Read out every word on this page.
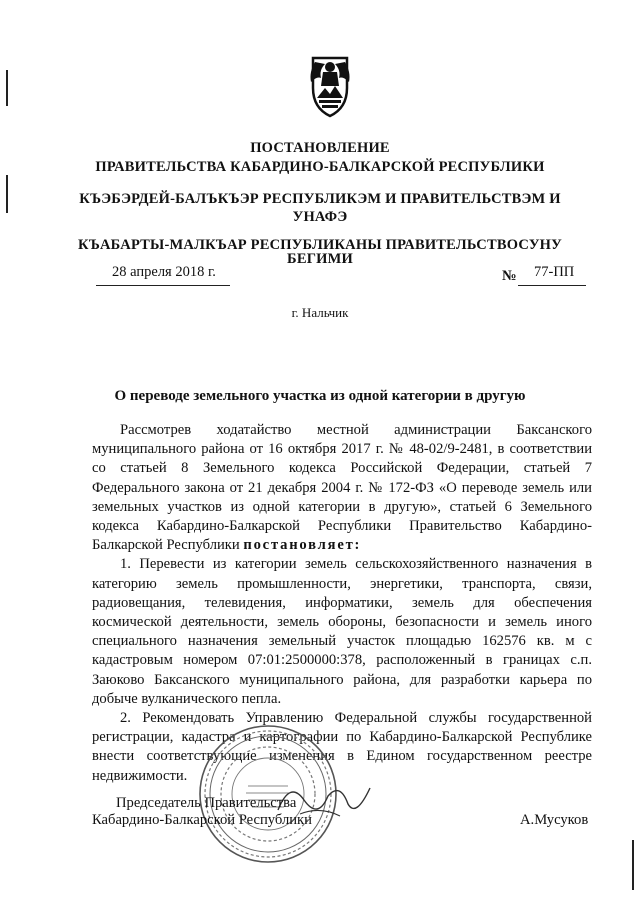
ПОСТАНОВЛЕНИЕ
ПРАВИТЕЛЬСТВА КАБАРДИНО-БАЛКАРСКОЙ РЕСПУБЛИКИ
КЪЭБЭРДЕЙ-БАЛЪКЪЭР РЕСПУБЛИКЭМ И ПРАВИТЕЛЬСТВЭМ И
УНАФЭ
КЪАБАРТЫ-МАЛКЪАР РЕСПУБЛИКАНЫ ПРАВИТЕЛЬСТВОСУНУ
БЕГИМИ
28 апреля 2018 г.	№ 77-ПП
г. Нальчик
О переводе земельного участка из одной категории в другую

Рассмотрев ходатайство местной администрации Баксанского

муниципального района от 16 октября 2017 г. № 48-02/9-2481, в соответствии

со статьей 8 Земельного кодекса Российской Федерации, статьей 7

Федерального закона от 21 декабря 2004 г. № 172-ФЗ «О переводе земель или

земельных участков из одной категории в другую», статьей 6 Земельного

кодекса Кабардино-Балкарской Республики Правительство Кабардино-

Балкарской Республики постановляет:

1. Перевести из категории земель сельскохозяйственного назначения в категорию земель промышленности, энергетики, транспорта, связи, радиовещания, телевидения, информатики, земель для обеспечения космической деятельности, земель обороны, безопасности и земель иного специального назначения земельный участок площадью 162576 кв. м с кадастровым номером 07:01:2500000:378, расположенный в границах с.п. Заюково Баксанского муниципального района, для разработки карьера по добыче вулканического пепла.

2. Рекомендовать Управлению Федеральной службы государственной регистрации, кадастра и картографии по Кабардино-Балкарской Республике внести соответствующие изменения в Едином государственном реестре недвижимости.

Председатель Правительства
Кабардино-Балкарской Республики	А.Мусуков
